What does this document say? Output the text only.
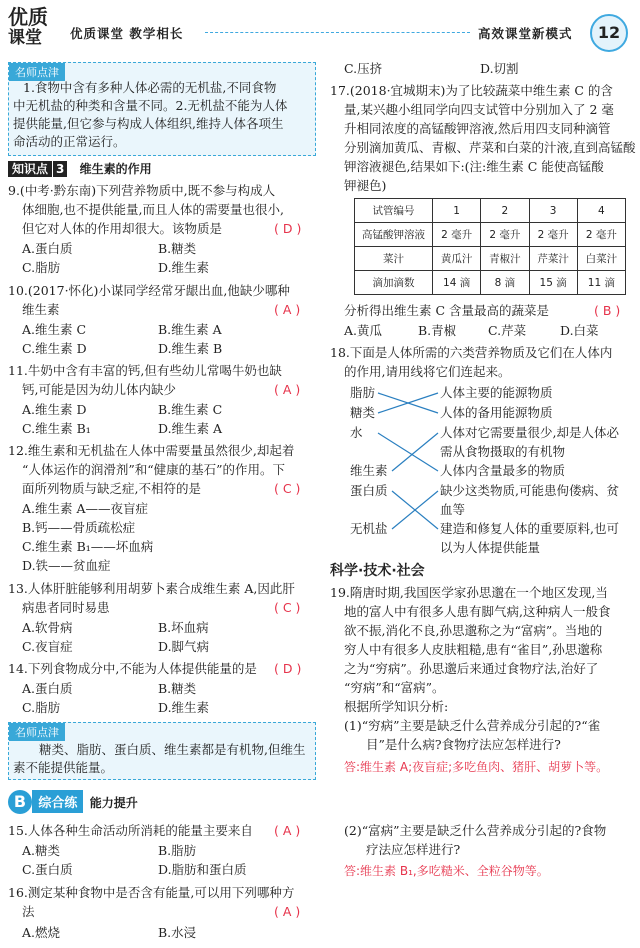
优质
课堂	优质课堂 教学相长	高效课堂新模式	12
名师点津
1.食物中含有多种人体必需的无机盐,不同食物
中无机盐的种类和含量不同。2.无机盐不能为人体
提供能量,但它参与构成人体组织,维持人体各项生
命活动的正常运行。
知识点 3 维生素的作用
9.(中考·黔东南)下列营养物质中,既不参与构成人
体细胞,也不提供能量,而且人体的需要量也很小,
但它对人体的作用却很大。该物质是	( D )
A.蛋白质	B.糖类
C.脂肪	D.维生素
10.(2017·怀化)小谋同学经常牙龈出血,他缺少哪种
维生素	( A )
A.维生素 C	B.维生素 A
C.维生素 D	D.维生素 B
11.牛奶中含有丰富的钙,但有些幼儿常喝牛奶也缺
钙,可能是因为幼儿体内缺少	( A )
A.维生素 D	B.维生素 C
C.维生素 B₁	D.维生素 A
12.维生素和无机盐在人体中需要量虽然很少,却起着
“人体运作的润滑剂”和“健康的基石”的作用。下
面所列物质与缺乏症,不相符的是	( C )
A.维生素 A——夜盲症
B.钙——骨质疏松症
C.维生素 B₁——坏血病
D.铁——贫血症
13.人体肝脏能够利用胡萝卜素合成维生素 A,因此肝
病患者同时易患	( C )
A.软骨病	B.坏血病
C.夜盲症	D.脚气病
14.下列食物成分中,不能为人体提供能量的是 ( D )
A.蛋白质	B.糖类
C.脂肪	D.维生素
名师点津
糖类、脂肪、蛋白质、维生素都是有机物,但维生
素不能提供能量。
B 综合练 能力提升
15.人体各种生命活动所消耗的能量主要来自 ( A )
A.糖类	B.脂肪
C.蛋白质	D.脂肪和蛋白质
16.测定某种食物中是否含有能量,可以用下列哪种方
法	( A )
A.燃烧	B.水浸
C.压挤	D.切割
17.(2018·宜城期末)为了比较蔬菜中维生素 C 的含
量,某兴趣小组同学向四支试管中分别加入了 2 毫
升相同浓度的高锰酸钾溶液,然后用四支同种滴管
分别滴加黄瓜、青椒、芹菜和白菜的汁液,直到高锰酸
钾溶液褪色,结果如下:(注:维生素 C 能使高锰酸
钾褪色)
试管编号	1	2	3	4
高锰酸钾溶液	2 毫升	2 毫升	2 毫升	2 毫升
菜汁	黄瓜汁	青椒汁	芹菜汁	白菜汁
滴加滴数	14 滴	8 滴	15 滴	11 滴
分析得出维生素 C 含量最高的蔬菜是	( B )
A.黄瓜	B.青椒	C.芹菜	D.白菜
18.下面是人体所需的六类营养物质及它们在人体内
的作用,请用线将它们连起来。
脂肪
糖类
水
维生素
蛋白质
无机盐
人体主要的能源物质
人体的备用能源物质
人体对它需要量很少,却是人体必
需从食物摄取的有机物
人体内含量最多的物质
缺少这类物质,可能患佝偻病、贫
血等
建造和修复人体的重要原料,也可
以为人体提供能量
科学·技术·社会
19.隋唐时期,我国医学家孙思邈在一个地区发现,当
地的富人中有很多人患有脚气病,这种病人一般食
欲不振,消化不良,孙思邈称之为“富病”。当地的
穷人中有很多人皮肤粗糙,患有“雀目”,孙思邈称
之为“穷病”。孙思邈后来通过食物疗法,治好了
“穷病”和“富病”。
根据所学知识分析:
(1)“穷病”主要是缺乏什么营养成分引起的?“雀
目”是什么病?食物疗法应怎样进行?
答:维生素 A;夜盲症;多吃鱼肉、猪肝、胡萝卜等。
(2)“富病”主要是缺乏什么营养成分引起的?食物
疗法应怎样进行?
答:维生素 B₁,多吃糙米、全粒谷物等。
